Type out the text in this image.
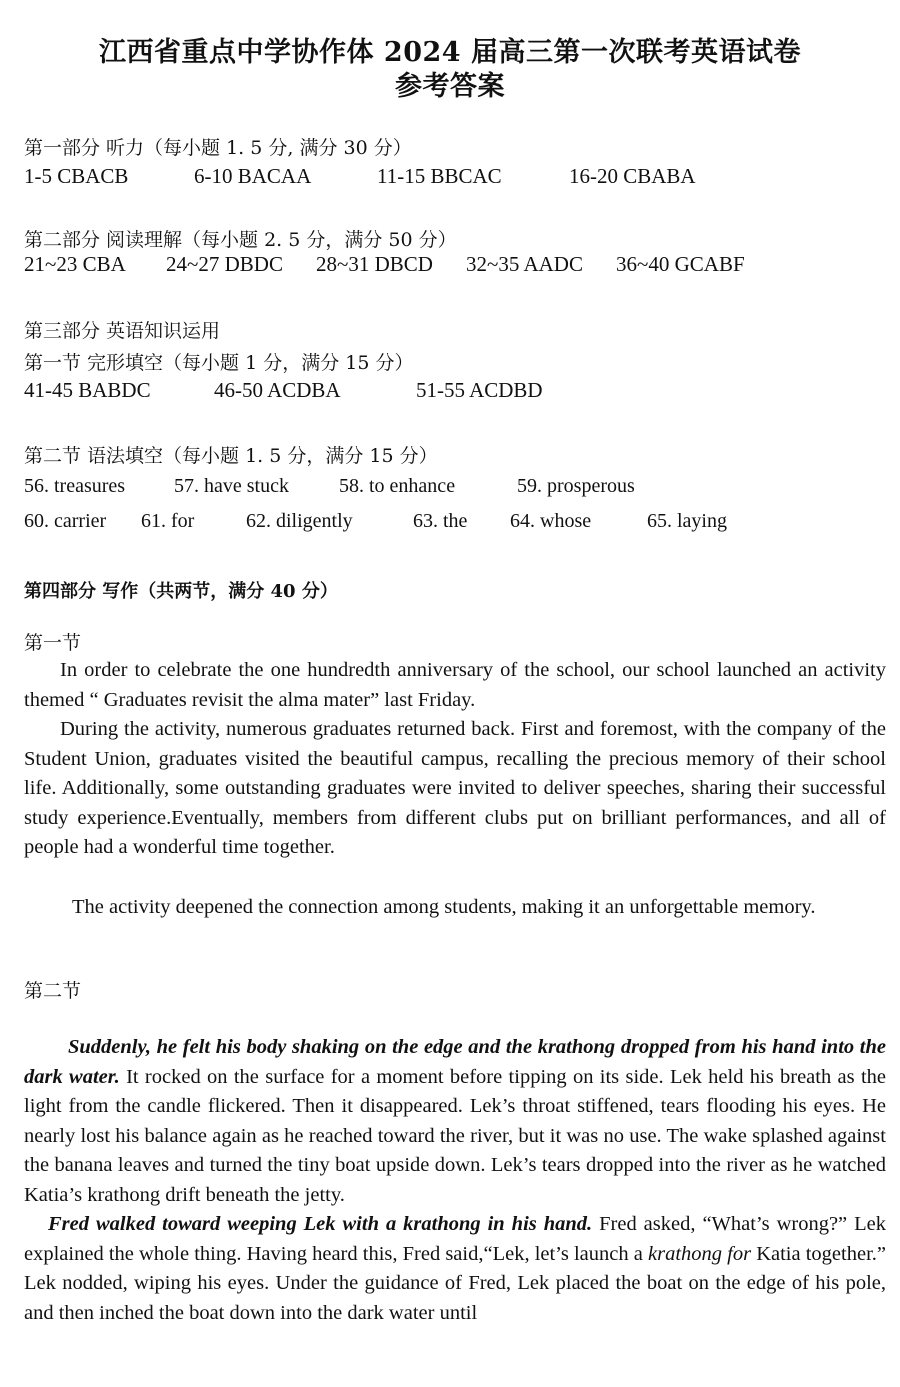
江西省重点中学协作体 2024 届高三第一次联考英语试卷
参考答案
第一部分 听力（每小题 1. 5 分, 满分 30 分）
1-5 CBACB	6-10 BACAA	11-15 BBCAC	16-20 CBABA
第二部分 阅读理解（每小题 2. 5 分，满分 50 分）
21~23 CBA 24~27 DBDC 28~31 DBCD 32~35 AADC 36~40 GCABF
第三部分 英语知识运用
第一节 完形填空（每小题 1 分，满分 15 分）
41-45 BABDC	46-50 ACDBA	51-55 ACDBD
第二节 语法填空（每小题 1. 5 分，满分 15 分）
56. treasures 57. have stuck	58. to enhance	59. prosperous
60. carrier 61. for	62. diligently	63. the 64. whose	65. laying
第四部分 写作（共两节，满分 40 分）
第一节
In order to celebrate the one hundredth anniversary of the school, our school launched an activity themed “ Graduates revisit the alma mater” last Friday.
During the activity, numerous graduates returned back. First and foremost, with the company of the Student Union, graduates visited the beautiful campus, recalling the precious memory of their school life. Additionally, some outstanding graduates were invited to deliver speeches, sharing their successful study experience.Eventually, members from different clubs put on brilliant performances, and all of people had a wonderful time together.
The activity deepened the connection among students, making it an unforgettable memory.
第二节
Suddenly, he felt his body shaking on the edge and the krathong dropped from his hand into the dark water. It rocked on the surface for a moment before tipping on its side. Lek held his breath as the light from the candle flickered. Then it disappeared. Lek’s throat stiffened, tears flooding his eyes. He nearly lost his balance again as he reached toward the river, but it was no use. The wake splashed against the banana leaves and turned the tiny boat upside down. Lek’s tears dropped into the river as he watched Katia’s krathong drift beneath the jetty.
Fred walked toward weeping Lek with a krathong in his hand. Fred asked, “What’s wrong?” Lek explained the whole thing. Having heard this, Fred said,“Lek, let’s launch a krathong for Katia together.” Lek nodded, wiping his eyes. Under the guidance of Fred, Lek placed the boat on the edge of his pole, and then inched the boat down into the dark water until
